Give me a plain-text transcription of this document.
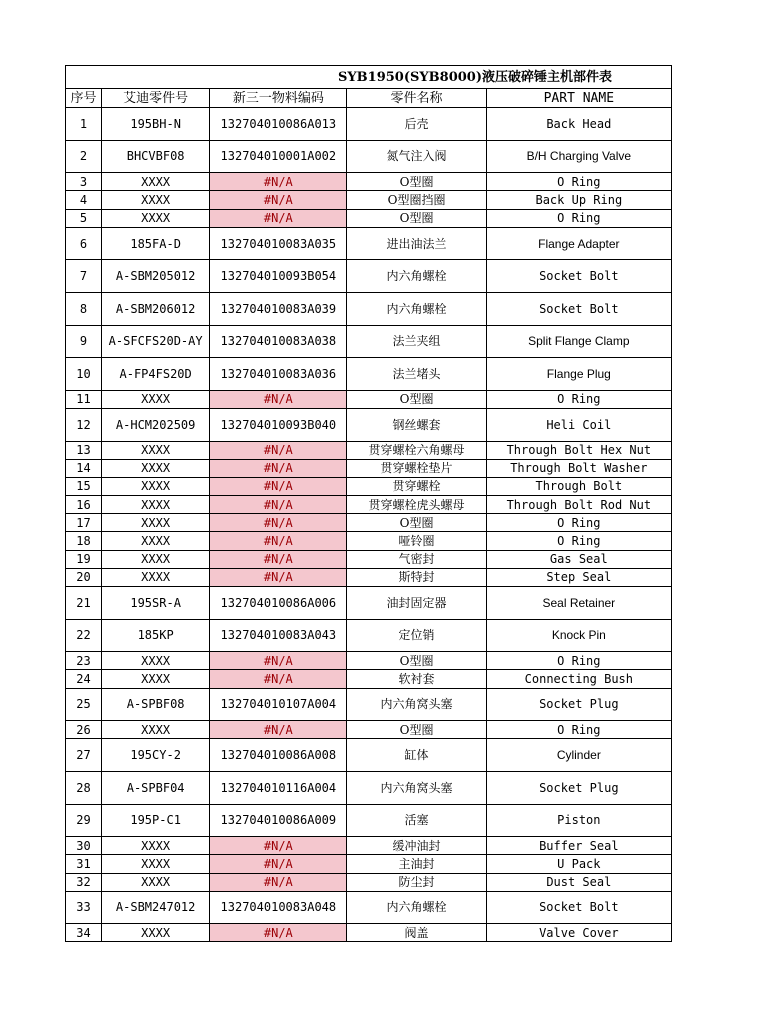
SYB1950(SYB8000)液压破碎锤主机部件表				
序号	艾迪零件号	新三一物料编码	零件名称	PART NAME
1	195BH-N	132704010086A013	后壳	Back Head
2	BHCVBF08	132704010001A002	氮气注入阀	B/H Charging Valve
3	XXXX	#N/A	O型圈	O Ring
4	XXXX	#N/A	O型圈挡圈	Back Up Ring
5	XXXX	#N/A	O型圈	O Ring
6	185FA-D	132704010083A035	进出油法兰	Flange Adapter
7	A-SBM205012	132704010093B054	内六角螺栓	Socket Bolt
8	A-SBM206012	132704010083A039	内六角螺栓	Socket Bolt
9	A-SFCFS20D-AY	132704010083A038	法兰夹组	Split Flange Clamp
10	A-FP4FS20D	132704010083A036	法兰堵头	Flange Plug
11	XXXX	#N/A	O型圈	O Ring
12	A-HCM202509	132704010093B040	钢丝螺套	Heli Coil
13	XXXX	#N/A	贯穿螺栓六角螺母	Through Bolt Hex Nut
14	XXXX	#N/A	贯穿螺栓垫片	Through Bolt Washer
15	XXXX	#N/A	贯穿螺栓	Through Bolt
16	XXXX	#N/A	贯穿螺栓虎头螺母	Through Bolt Rod Nut
17	XXXX	#N/A	O型圈	O Ring
18	XXXX	#N/A	哑铃圈	O Ring
19	XXXX	#N/A	气密封	Gas Seal
20	XXXX	#N/A	斯特封	Step Seal
21	195SR-A	132704010086A006	油封固定器	Seal Retainer
22	185KP	132704010083A043	定位销	Knock Pin
23	XXXX	#N/A	O型圈	O Ring
24	XXXX	#N/A	软衬套	Connecting Bush
25	A-SPBF08	132704010107A004	内六角窝头塞	Socket Plug
26	XXXX	#N/A	O型圈	O Ring
27	195CY-2	132704010086A008	缸体	Cylinder
28	A-SPBF04	132704010116A004	内六角窝头塞	Socket Plug
29	195P-C1	132704010086A009	活塞	Piston
30	XXXX	#N/A	缓冲油封	Buffer Seal
31	XXXX	#N/A	主油封	U Pack
32	XXXX	#N/A	防尘封	Dust Seal
33	A-SBM247012	132704010083A048	内六角螺栓	Socket Bolt
34	XXXX	#N/A	阀盖	Valve Cover
